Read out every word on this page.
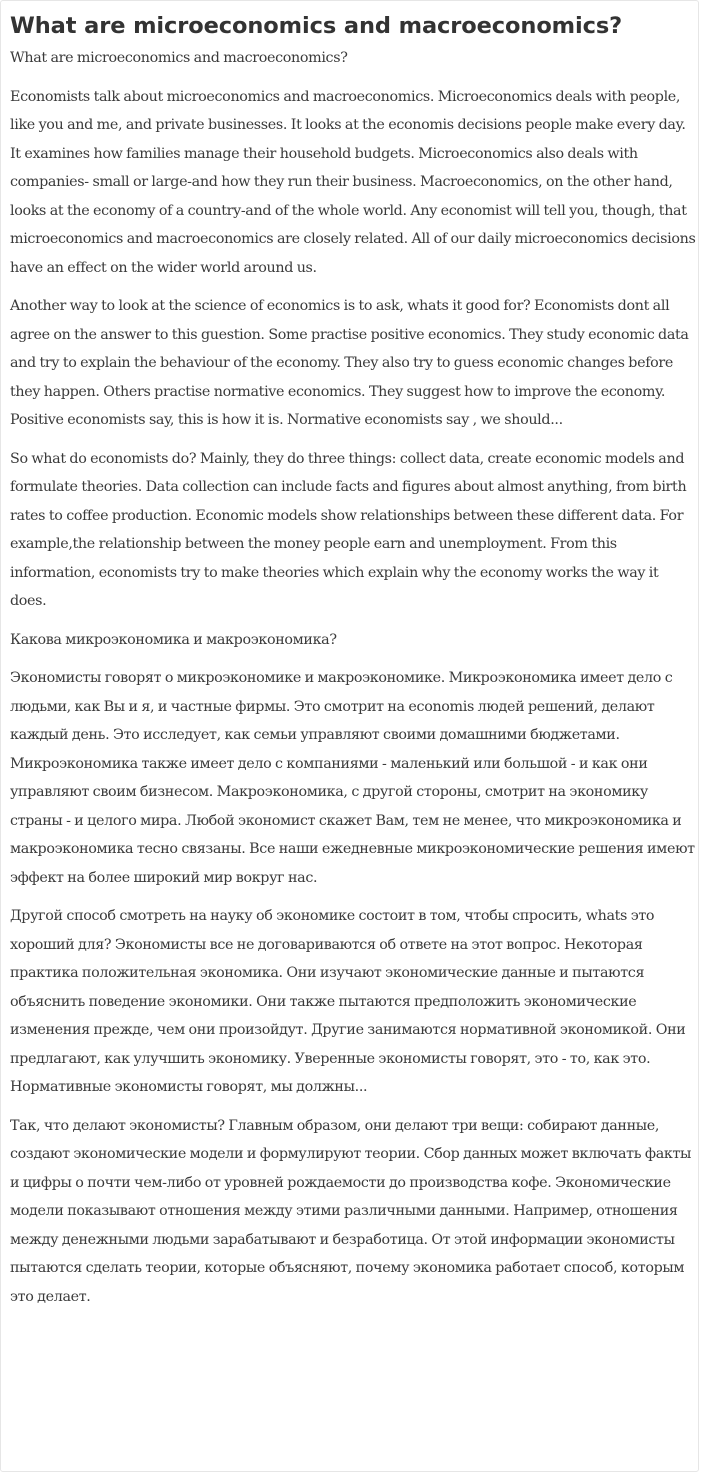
What are microeconomics and macroeconomics?

What are microeconomics and macroeconomics?

Economists talk about microeconomics and macroeconomics. Microeconomics deals with people, like you and me, and private businesses. It looks at the economis decisions people make every day. It examines how families manage their household budgets. Microeconomics also deals with companies- small or large-and how they run their business. Macroeconomics, on the other hand, looks at the economy of a country-and of the whole world. Any economist will tell you, though, that microeconomics and macroeconomics are closely related. All of our daily microeconomics decisions have an effect on the wider world around us.

Another way to look at the science of economics is to ask, whats it good for? Economists dont all agree on the answer to this guestion. Some practise positive economics. They study economic data and try to explain the behaviour of the economy. They also try to guess economic changes before they happen. Others practise normative economics. They suggest how to improve the economy. Positive economists say, this is how it is. Normative economists say , we should...

So what do economists do? Mainly, they do three things: collect data, create economic models and formulate theories. Data collection can include facts and figures about almost anything, from birth rates to coffee production. Economic models show relationships between these different data. For example,the relationship between the money people earn and unemployment. From this information, economists try to make theories which explain why the economy works the way it does.

Какова микроэкономика и макроэкономика?

Экономисты говорят о микроэкономике и макроэкономике. Микроэкономика имеет дело с людьми, как Вы и я, и частные фирмы. Это смотрит на economis людей решений, делают каждый день. Это исследует, как семьи управляют своими домашними бюджетами. Микроэкономика также имеет дело с компаниями - маленький или большой - и как они управляют своим бизнесом. Макроэкономика, с другой стороны, смотрит на экономику страны - и целого мира. Любой экономист скажет Вам, тем не менее, что микроэкономика и макроэкономика тесно связаны. Все наши ежедневные микроэкономические решения имеют эффект на более широкий мир вокруг нас.

Другой способ смотреть на науку об экономике состоит в том, чтобы спросить, whats это хороший для? Экономисты все не договариваются об ответе на этот вопрос. Некоторая практика положительная экономика. Они изучают экономические данные и пытаются объяснить поведение экономики. Они также пытаются предположить экономические изменения прежде, чем они произойдут. Другие занимаются нормативной экономикой. Они предлагают, как улучшить экономику. Уверенные экономисты говорят, это - то, как это. Нормативные экономисты говорят, мы должны...

Так, что делают экономисты? Главным образом, они делают три вещи: собирают данные, создают экономические модели и формулируют теории. Сбор данных может включать факты и цифры о почти чем-либо от уровней рождаемости до производства кофе. Экономические модели показывают отношения между этими различными данными. Например, отношения между денежными людьми зарабатывают и безработица. От этой информации экономисты пытаются сделать теории, которые объясняют, почему экономика работает способ, которым это делает.
